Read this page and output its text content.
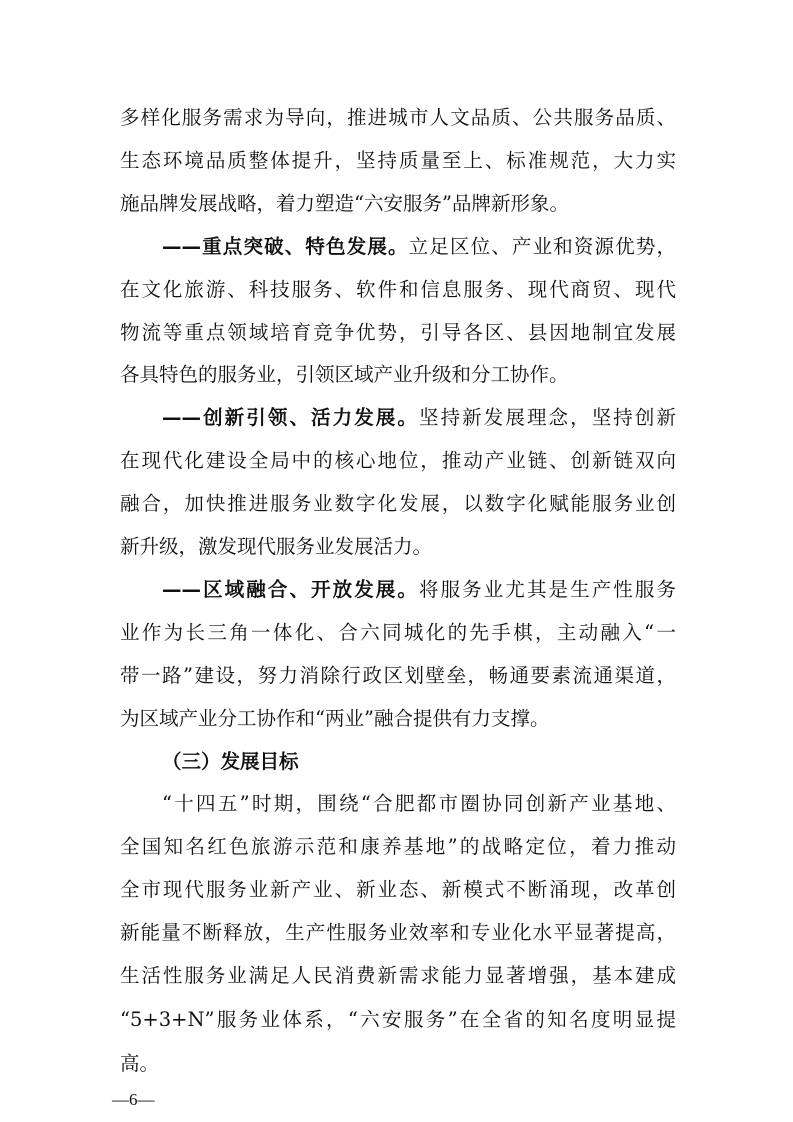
多样化服务需求为导向，推进城市人文品质、公共服务品质、
生态环境品质整体提升，坚持质量至上、标准规范，大力实
施品牌发展战略，着力塑造“六安服务”品牌新形象。
——重点突破、特色发展。立足区位、产业和资源优势，
在文化旅游、科技服务、软件和信息服务、现代商贸、现代
物流等重点领域培育竞争优势，引导各区、县因地制宜发展
各具特色的服务业，引领区域产业升级和分工协作。
——创新引领、活力发展。坚持新发展理念，坚持创新
在现代化建设全局中的核心地位，推动产业链、创新链双向
融合，加快推进服务业数字化发展，以数字化赋能服务业创
新升级，激发现代服务业发展活力。
——区域融合、开放发展。将服务业尤其是生产性服务
业作为长三角一体化、合六同城化的先手棋，主动融入“一
带一路”建设，努力消除行政区划壁垒，畅通要素流通渠道，
为区域产业分工协作和“两业”融合提供有力支撑。
（三）发展目标
“十四五”时期，围绕“合肥都市圈协同创新产业基地、
全国知名红色旅游示范和康养基地”的战略定位，着力推动
全市现代服务业新产业、新业态、新模式不断涌现，改革创
新能量不断释放，生产性服务业效率和专业化水平显著提高，
生活性服务业满足人民消费新需求能力显著增强，基本建成
“5+3+N”服务业体系，“六安服务”在全省的知名度明显提
高。
—6—
